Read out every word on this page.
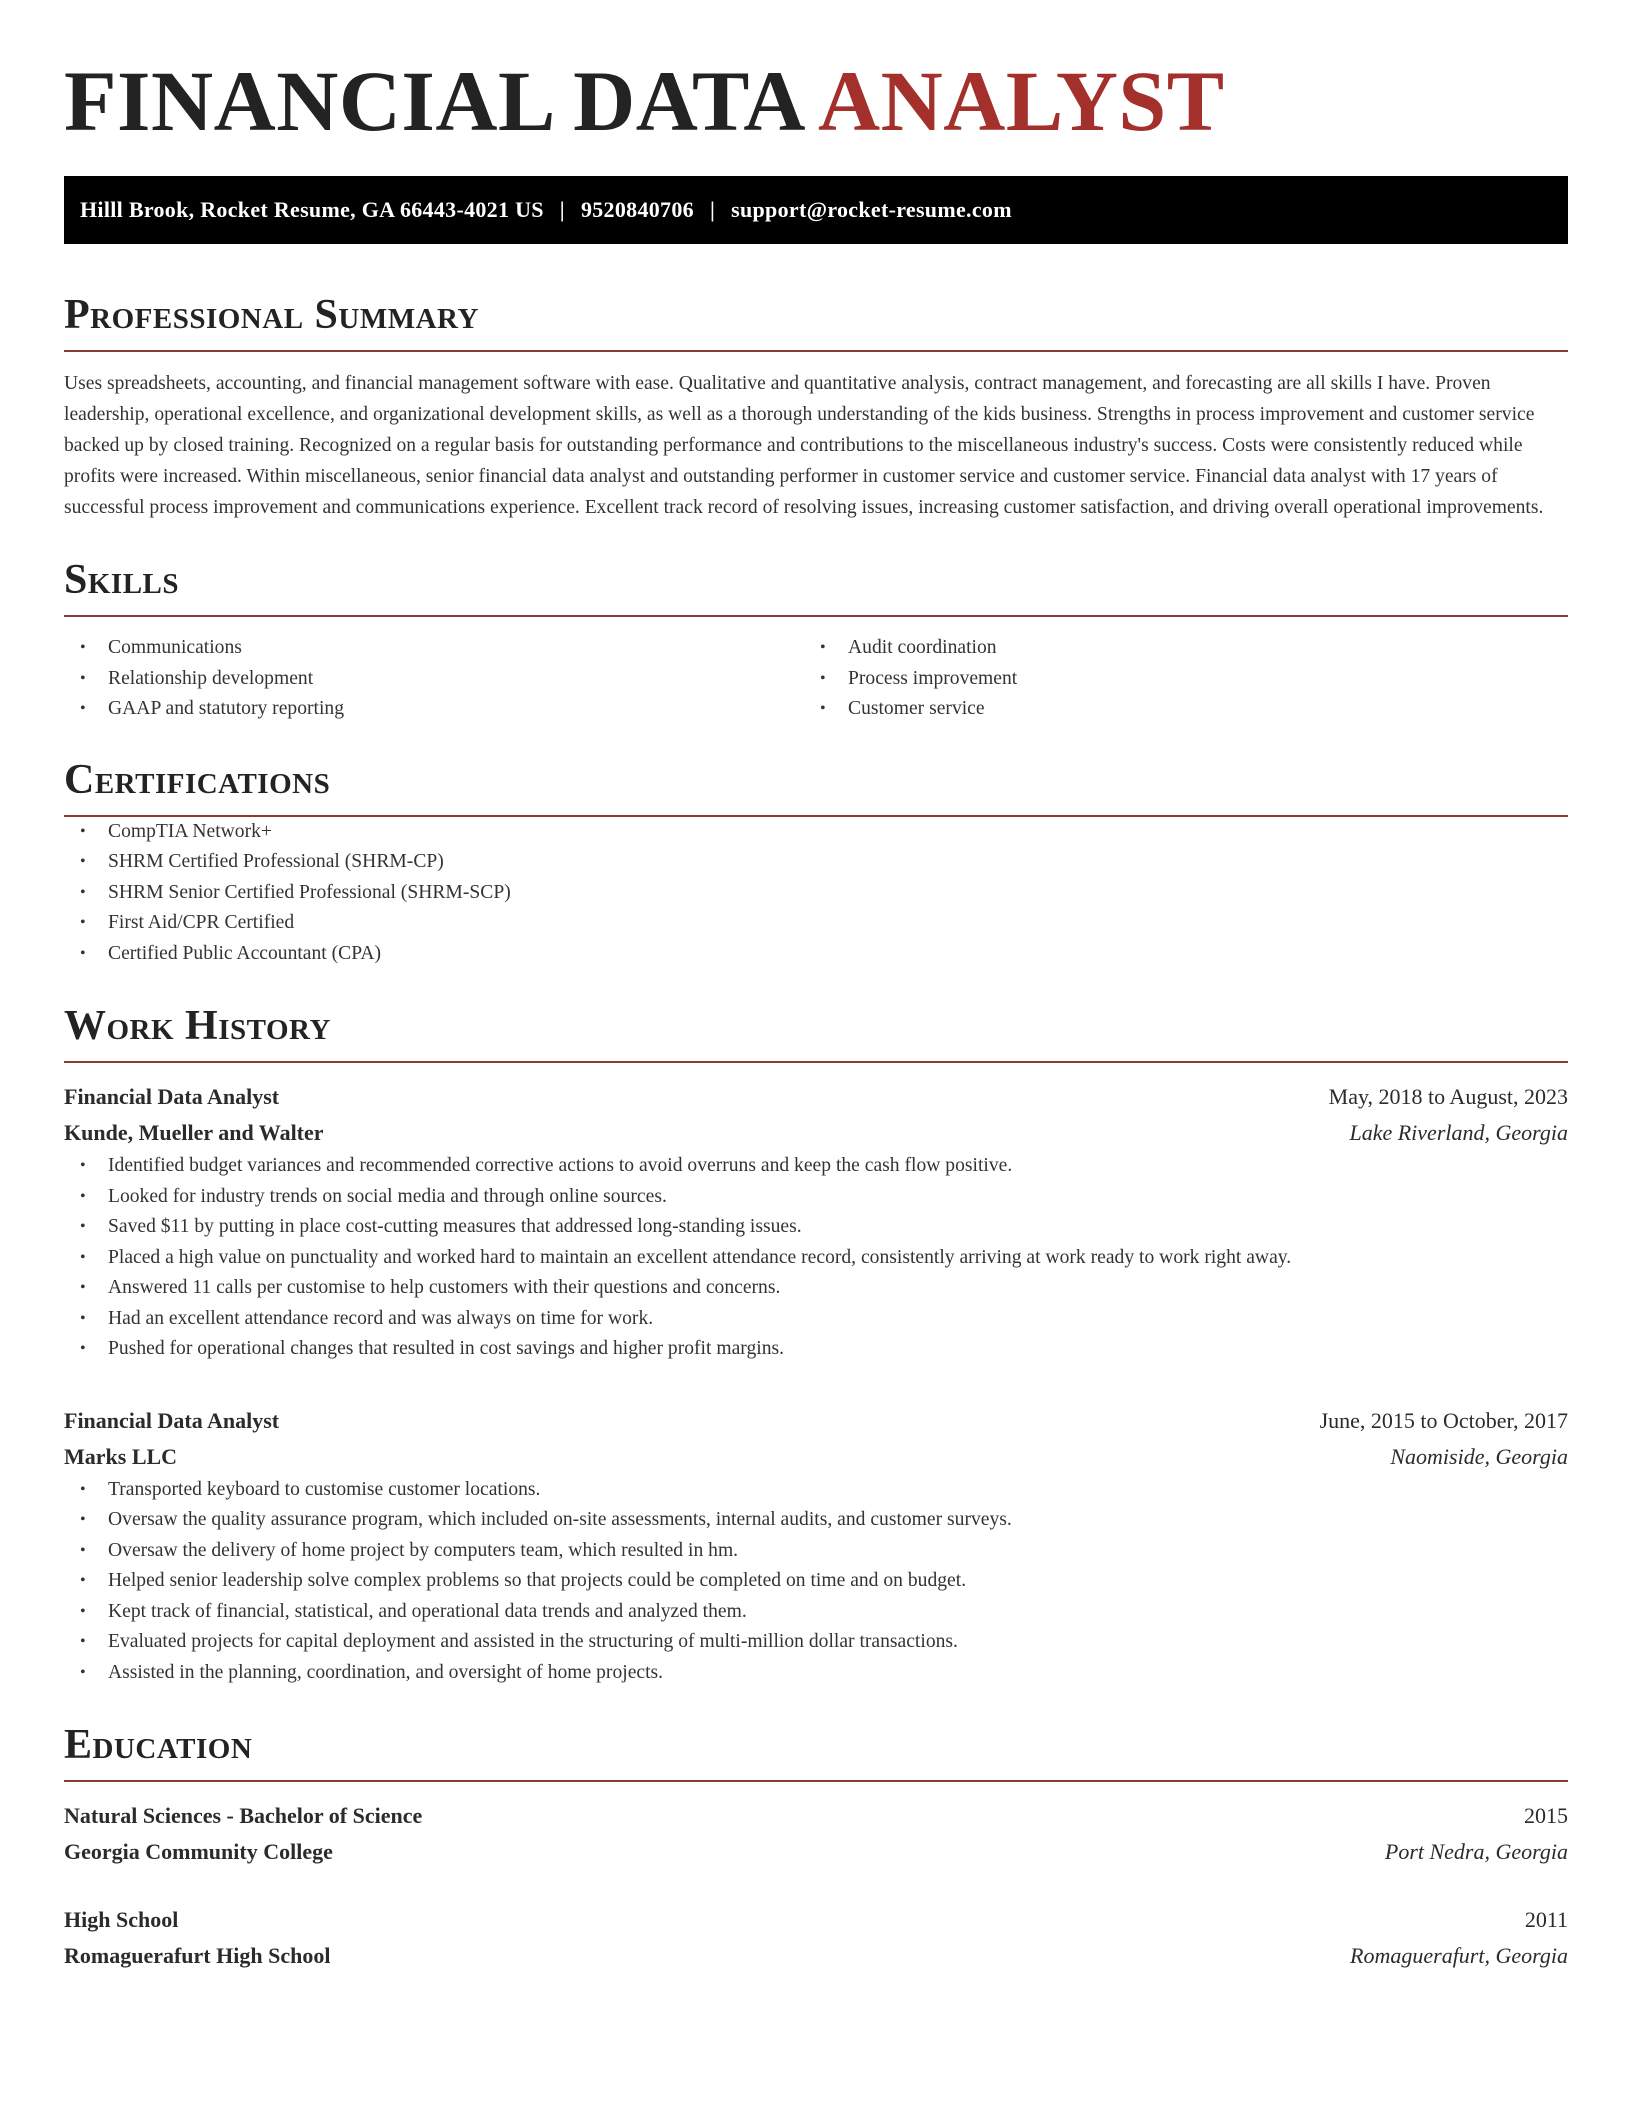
FINANCIAL DATA ANALYST
Hilll Brook, Rocket Resume, GA 66443-4021 US | 9520840706 | support@rocket-resume.com
Professional Summary

Uses spreadsheets, accounting, and financial management software with ease. Qualitative and quantitative analysis, contract management, and forecasting are all skills I have. Proven leadership, operational excellence, and organizational development skills, as well as a thorough understanding of the kids business. Strengths in process improvement and customer service backed up by closed training. Recognized on a regular basis for outstanding performance and contributions to the miscellaneous industry's success. Costs were consistently reduced while profits were increased. Within miscellaneous, senior financial data analyst and outstanding performer in customer service and customer service. Financial data analyst with 17 years of successful process improvement and communications experience. Excellent track record of resolving issues, increasing customer satisfaction, and driving overall operational improvements.

Skills
• Communications
• Relationship development
• GAAP and statutory reporting
• Audit coordination
• Process improvement
• Customer service
Certifications
• CompTIA Network+
• SHRM Certified Professional (SHRM-CP)
• SHRM Senior Certified Professional (SHRM-SCP)
• First Aid/CPR Certified
• Certified Public Accountant (CPA)
Work History
Financial Data Analyst	May, 2018 to August, 2023
Kunde, Mueller and Walter	Lake Riverland, Georgia
• Identified budget variances and recommended corrective actions to avoid overruns and keep the cash flow positive.
• Looked for industry trends on social media and through online sources.
• Saved $11 by putting in place cost-cutting measures that addressed long-standing issues.
• Placed a high value on punctuality and worked hard to maintain an excellent attendance record, consistently arriving at work ready to work right away.
• Answered 11 calls per customise to help customers with their questions and concerns.
• Had an excellent attendance record and was always on time for work.
• Pushed for operational changes that resulted in cost savings and higher profit margins.
Financial Data Analyst	June, 2015 to October, 2017
Marks LLC	Naomiside, Georgia
• Transported keyboard to customise customer locations.
• Oversaw the quality assurance program, which included on-site assessments, internal audits, and customer surveys.
• Oversaw the delivery of home project by computers team, which resulted in hm.
• Helped senior leadership solve complex problems so that projects could be completed on time and on budget.
• Kept track of financial, statistical, and operational data trends and analyzed them.
• Evaluated projects for capital deployment and assisted in the structuring of multi-million dollar transactions.
• Assisted in the planning, coordination, and oversight of home projects.
Education
Natural Sciences - Bachelor of Science	2015
Georgia Community College	Port Nedra, Georgia
High School	2011
Romaguerafurt High School	Romaguerafurt, Georgia
